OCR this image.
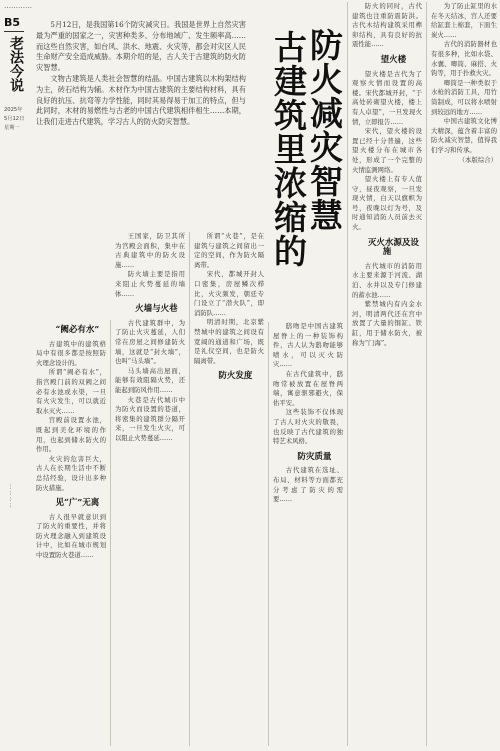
…………
B5
老法今说
2025年
5月12日
星期一
…………

5月12日，是我国第16个防灾减灾日。我国是世界上自然灾害最为严重的国家之一，灾害种类多、分布地域广、发生频率高……而这些自然灾害，如台风、洪水、地震、火灾等，都会对灾区人民生命财产安全造成威胁。本期介绍的是，古人关于古建筑的防火防灾智慧。

文物古建筑是人类社会智慧的结晶。中国古建筑以木构架结构为主，砖石结构为辅。木材作为中国古建筑的主要结构材料，具有良好的抗压、抗弯等力学性能，同时其易得易于加工的特点，但与此同时，木材的易燃性与古老的中国古代建筑相伴相生……本期，让我们走进古代建筑，学习古人的防火防灾智慧。	防火减灾智慧
古建筑里浓缩的
“阙必有水”

古建筑中的建筑格局中有很多都是按照防火理念设计的。

所谓“阙必有水”，指宫殿门前的双阙之间必有水池或水渠，一旦有火灾发生，可以就近取水灭火……

宫殿前设置水池，既起到美化环境的作用，也起到储水防火的作用。

火灾的危害巨大，古人在长期生活中不断总结经验，设计出多种防火措施。

见“广”无离

古人很早就意识到了防火的重要性，并将防火理念融入到建筑设计中，比如在城市规划中设置防火巷道……

王国家，防卫其所为宫殿会面积，集中在古典建筑中的防火设施……

防火墙主要是指用来阻止火势蔓延的墙体……

火墙与火巷

古代建筑群中，为了防止火灾蔓延，人们常在房屋之间修建防火墙，这就是“封火墙”，也叫“马头墙”。

马头墙高出屋面，能够有效阻隔火势，还能起到防风作用……

火巷是古代城市中为防火而设置的巷道，将密集的建筑群分隔开来，一旦发生火灾，可以阻止火势蔓延……

所谓“火巷”，是在建筑与建筑之间留出一定的空间，作为防火隔离带。

宋代，都城开封人口密集，房屋鳞次栉比，火灾频发，朝廷专门设立了“潜火队”，即消防队……

明清时期，北京紫禁城中的建筑之间设有宽阔的通道和广场，既是礼仪空间，也是防火隔离带。

防火发度

鸱吻是中国古建筑屋脊上的一种装饰构件，古人认为鸱吻能够喷水，可以灭火防灾……

在古代建筑中，鸱吻常被放置在屋脊两端，寓意驱邪避火，保佑平安。

这些装饰不仅体现了古人对火灾的敬畏，也反映了古代建筑的独特艺术风格。

防灾质量

古代建筑在选址、布局、材料等方面都充分考虑了防灾的需要……

防火的同时，古代建筑也注重防震防洪。古代木结构建筑采用榫卯结构，具有良好的抗震性能……

望火楼

望火楼是古代为了观察火情而设置的高楼。宋代都城开封，“于高处砖砌望火楼，楼上有人卓望”，一旦发现火情，立即报告……

宋代，望火楼的设置已经十分普遍，这些望火楼分布在城市各处，形成了一个完整的火情监测网络。

望火楼上有专人值守，昼夜观察，一旦发现火情，白天以旗帜为号，夜晚以灯为号，及时通知消防人员前去灭火。

灭火水源及设施

古代城市的消防用水主要来源于河流、湖泊、水井以及专门修建的蓄水池……

紫禁城内有内金水河，明清两代还在宫中放置了大量的铜缸、铁缸，用于储水防火，被称为“门海”。

为了防止缸里的水在冬天结冰，宫人还要给缸套上棉套，下面生炭火……

古代的消防器材也有很多种，比如水袋、水囊、唧筒、麻搭、火钩等，用于扑救火灾。

唧筒是一种类似于水枪的消防工具，用竹筒制成，可以将水喷射到较远的地方……

中国古建筑文化博大精深，蕴含着丰富的防火减灾智慧，值得我们学习和传承。

（本版综合）
